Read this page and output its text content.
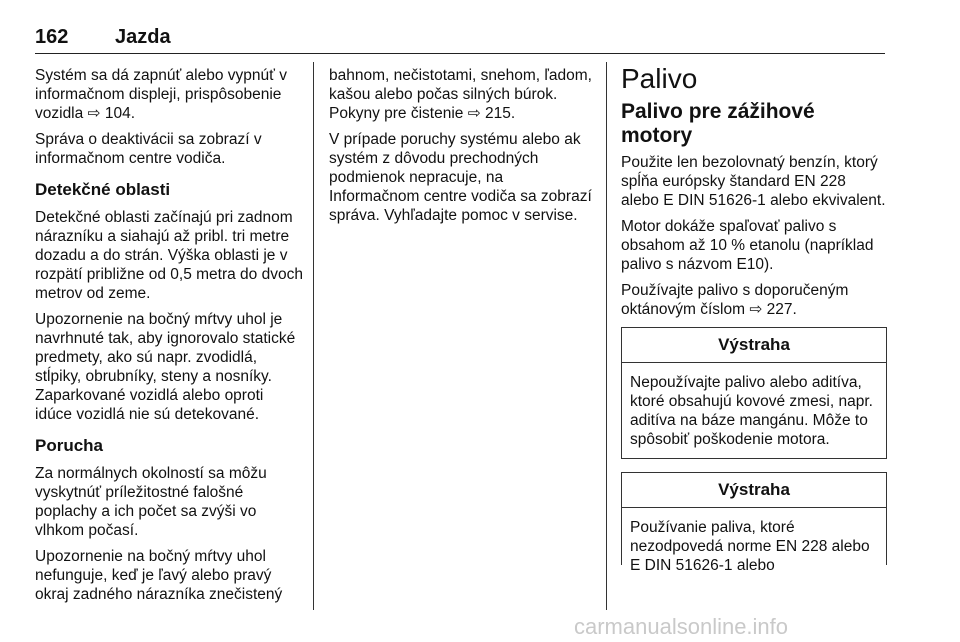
162 Jazda

Systém sa dá zapnúť alebo vypnúť v informačnom displeji, prispôsobenie vozidla ⇨ 104.

Správa o deaktivácii sa zobrazí v informačnom centre vodiča.

Detekčné oblasti

Detekčné oblasti začínajú pri zadnom nárazníku a siahajú až pribl. tri metre dozadu a do strán. Výška oblasti je v rozpätí približne od 0,5 metra do dvoch metrov od zeme.

Upozornenie na bočný mŕtvy uhol je navrhnuté tak, aby ignorovalo statické predmety, ako sú napr. zvodidlá, stĺpiky, obrubníky, steny a nosníky. Zaparkované vozidlá alebo oproti idúce vozidlá nie sú detekované.

Porucha

Za normálnych okolností sa môžu vyskytnúť príležitostné falošné poplachy a ich počet sa zvýši vo vlhkom počasí.

Upozornenie na bočný mŕtvy uhol nefunguje, keď je ľavý alebo pravý okraj zadného nárazníka znečistený

bahnom, nečistotami, snehom, ľadom, kašou alebo počas silných búrok. Pokyny pre čistenie ⇨ 215.

V prípade poruchy systému alebo ak systém z dôvodu prechodných podmienok nepracuje, na Informačnom centre vodiča sa zobrazí správa. Vyhľadajte pomoc v servise.

Palivo
Palivo pre zážihové motory

Použite len bezolovnatý benzín, ktorý spĺňa európsky štandard EN 228 alebo E DIN 51626-1 alebo ekvivalent.

Motor dokáže spaľovať palivo s obsahom až 10 % etanolu (napríklad palivo s názvom E10).

Používajte palivo s doporučeným oktánovým číslom ⇨ 227.

Výstraha
Nepoužívajte palivo alebo aditíva, ktoré obsahujú kovové zmesi, napr. aditíva na báze mangánu. Môže to spôsobiť poškodenie motora.
Výstraha
Používanie paliva, ktoré nezodpovedá norme EN 228 alebo E DIN 51626-1 alebo
carmanualsonline.info
